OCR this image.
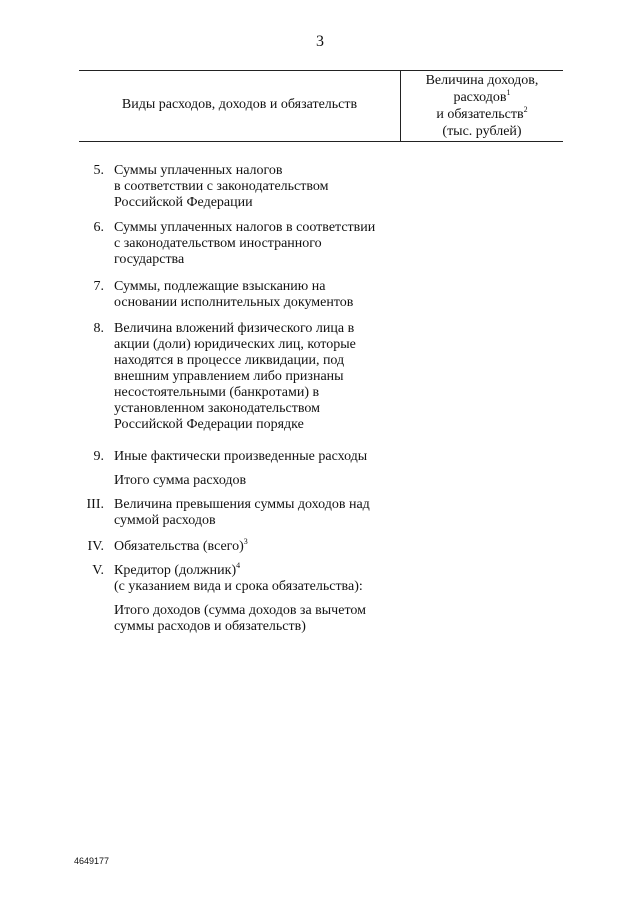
3
Виды расходов, доходов и обязательств
Величина доходов,
расходов$^1$
и обязательств$^2$
(тыс. рублей)
5. Суммы уплаченных налогов
в соответствии с законодательством
Российской Федерации
6. Суммы уплаченных налогов в соответствии
с законодательством иностранного
государства
7. Суммы, подлежащие взысканию на
основании исполнительных документов
8. Величина вложений физического лица в
акции (доли) юридических лиц, которые
находятся в процессе ликвидации, под
внешним управлением либо признаны
несостоятельными (банкротами) в
установленном законодательством
Российской Федерации порядке
9. Иные фактически произведенные расходы
Итого сумма расходов
III. Величина превышения суммы доходов над
суммой расходов
IV. Обязательства (всего)$^3$
V. Кредитор (должник)$^4$
(с указанием вида и срока обязательства):
Итого доходов (сумма доходов за вычетом
суммы расходов и обязательств)
4649177
